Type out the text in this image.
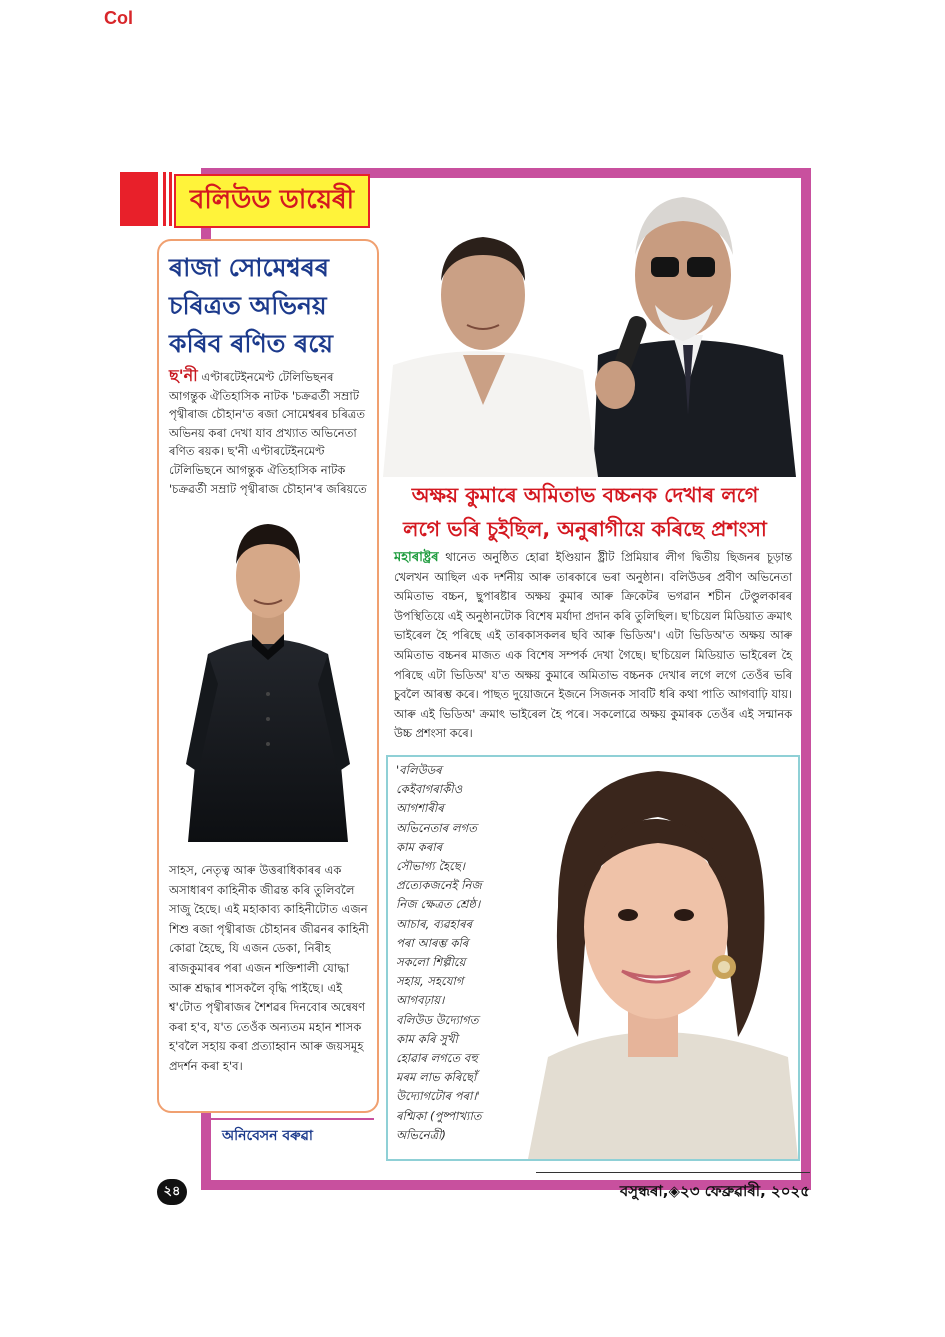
Col
বলিউড ডায়েৰী
ৰাজা সোমেশ্বৰৰ চৰিত্ৰত অভিনয় কৰিব ৰণিত ৰয়ে
ছ'নী এণ্টাৰটেইনমেণ্ট টেলিভিছনৰ আগন্তুক ঐতিহাসিক নাটক 'চক্ৰৱৰ্তী সম্ৰাট পৃথ্বীৰাজ চৌহান'ত ৰজা সোমেশ্বৰৰ চৰিত্ৰত অভিনয় কৰা দেখা যাব প্ৰখ্যাত অভিনেতা ৰণিত ৰয়ক। ছ'নী এণ্টাৰটেইনমেণ্ট টেলিভিছনে আগন্তুক ঐতিহাসিক নাটক 'চক্ৰৱৰ্তী সম্ৰাট পৃথ্বীৰাজ চৌহান'ৰ জৰিয়তে
সাহস, নেতৃত্ব আৰু উত্তৰাধিকাৰৰ এক অসাধাৰণ কাহিনীক জীৱন্ত কৰি তুলিবলৈ সাজু হৈছে। এই মহাকাব্য কাহিনীটোত এজন শিশু ৰজা পৃথ্বীৰাজ চৌহানৰ জীৱনৰ কাহিনী কোৱা হৈছে, যি এজন ডেকা, নিৰীহ ৰাজকুমাৰৰ পৰা এজন শক্তিশালী যোদ্ধা আৰু শ্ৰদ্ধাৰ শাসকলৈ বৃদ্ধি পাইছে। এই শ্ব'টোত পৃথ্বীৰাজৰ শৈশৱৰ দিনবোৰ অন্বেষণ কৰা হ'ব, য'ত তেওঁক অন্যতম মহান শাসক হ'বলৈ সহায় কৰা প্ৰত্যাহ্বান আৰু জয়সমূহ প্ৰদৰ্শন কৰা হ'ব।
অনিবেসন বৰুৱা
অক্ষয় কুমাৰে অমিতাভ বচ্চনক দেখাৰ লগে
লগে ভৰি চুইছিল, অনুৰাগীয়ে কৰিছে প্ৰশংসা
মহাৰাষ্ট্ৰৰ থানেত অনুষ্ঠিত হোৱা ইণ্ডিয়ান ষ্ট্ৰীট প্ৰিমিয়াৰ লীগ দ্বিতীয় ছিজনৰ চূড়ান্ত খেলখন আছিল এক দৰ্শনীয় আৰু তাৰকাৰে ভৰা অনুষ্ঠান। বলিউডৰ প্ৰবীণ অভিনেতা অমিতাভ বচ্চন, ছুপাৰষ্টাৰ অক্ষয় কুমাৰ আৰু ক্ৰিকেটৰ ভগৱান শচীন টেণ্ডুলকাৰৰ উপস্থিতিয়ে এই অনুষ্ঠানটোক বিশেষ মৰ্যাদা প্ৰদান কৰি তুলিছিল। ছ'চিয়েল মিডিয়াত ক্ৰমাৎ ভাইৰেল হৈ পৰিছে এই তাৰকাসকলৰ ছবি আৰু ভিডিঅ'। এটা ভিডিঅ'ত অক্ষয় আৰু অমিতাভ বচ্চনৰ মাজত এক বিশেষ সম্পৰ্ক দেখা গৈছে। ছ'চিয়েল মিডিয়াত ভাইৰেল হৈ পৰিছে এটা ভিডিঅ' য'ত অক্ষয় কুমাৰে অমিতাভ বচ্চনক দেখাৰ লগে লগে তেওঁৰ ভৰি চুবলৈ আৰম্ভ কৰে। পাছত দুয়োজনে ইজনে সিজনক সাবটি ধৰি কথা পাতি আগবাঢ়ি যায়। আৰু এই ভিডিঅ' ক্ৰমাৎ ভাইৰেল হৈ পৰে। সকলোৱে অক্ষয় কুমাৰক তেওঁৰ এই সন্মানক উচ্চ প্ৰশংসা কৰে।
'বলিউডৰ
কেইবাগৰাকীও
আগশাৰীৰ
অভিনেতাৰ লগত
কাম কৰাৰ
সৌভাগ্য হৈছে।
প্ৰত্যেকজনেই নিজ
নিজ ক্ষেত্ৰত শ্ৰেষ্ঠ।
আচাৰ, ব্যৱহাৰৰ
পৰা আৰম্ভ কৰি
সকলো শিল্পীয়ে
সহায়, সহযোগ
আগবঢ়ায়।
বলিউড উদ্যোগত
কাম কৰি সুখী
হোৱাৰ লগতে বহু
মৰম লাভ কৰিছোঁ
উদ্যোগটোৰ পৰা।'
ৰশ্মিকা (পুষ্পাখ্যাত
অভিনেত্ৰী)
২৪	বসুন্ধৰা,◈২৩ ফেব্ৰুৱাৰী, ২০২৫
